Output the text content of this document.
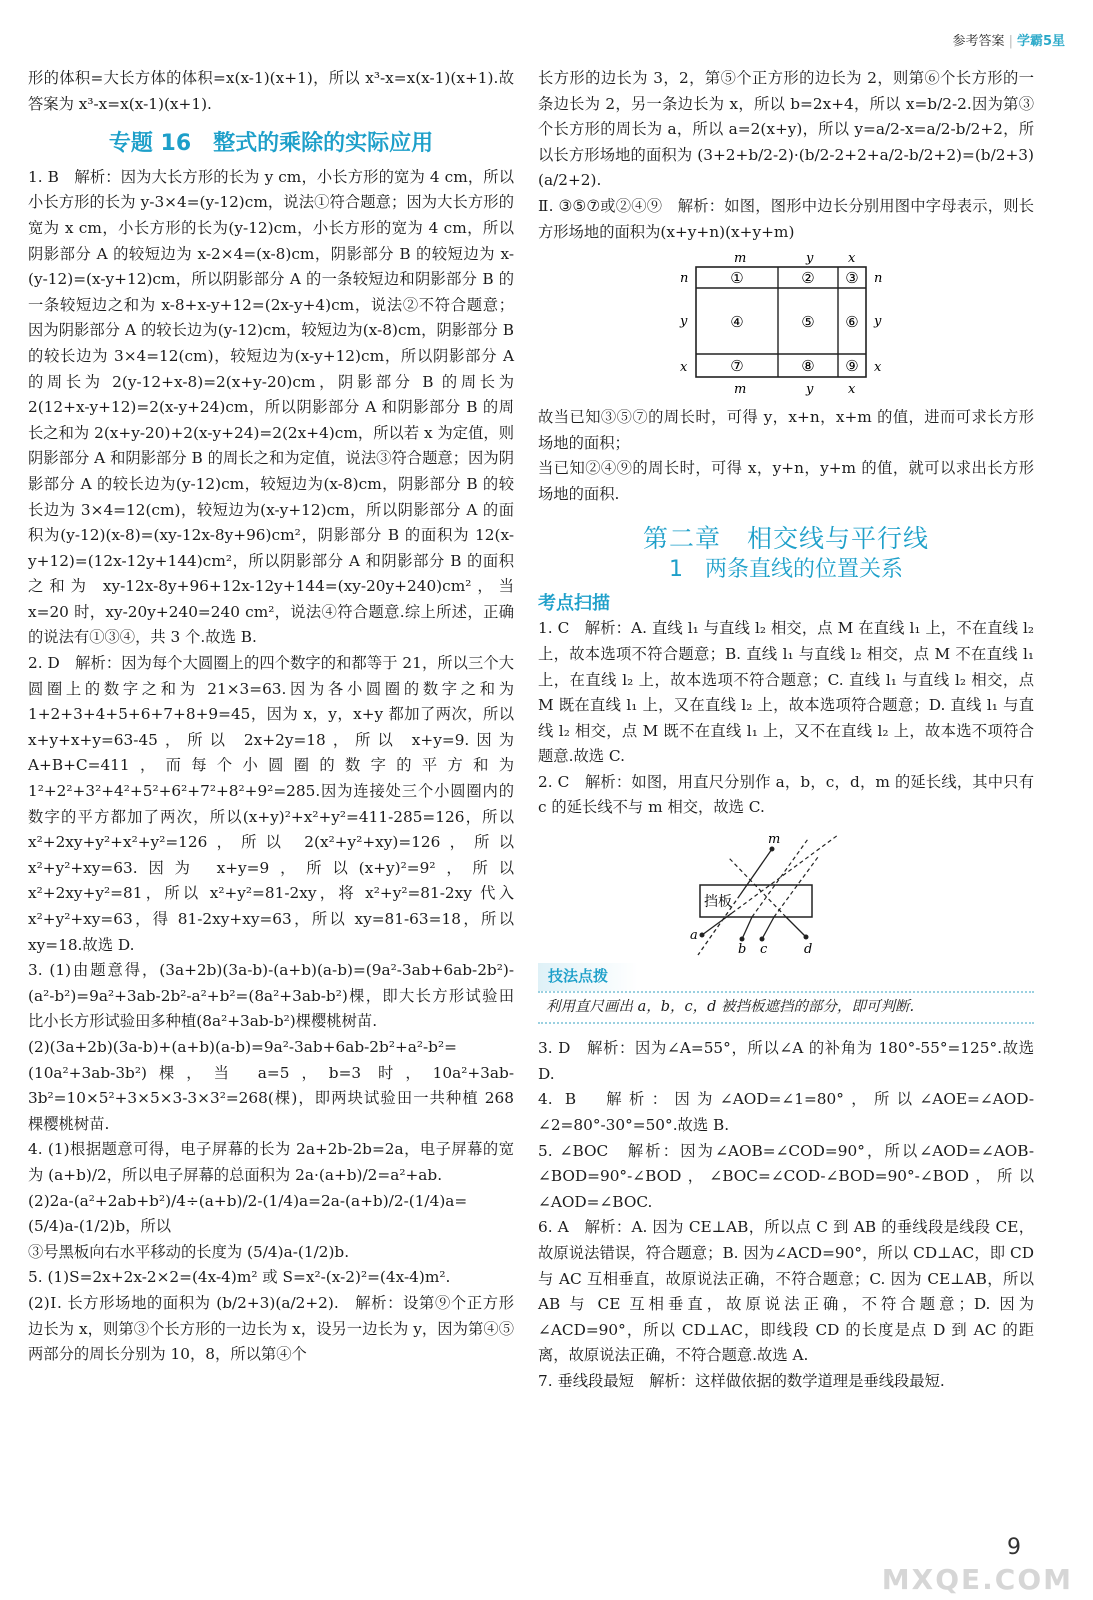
参考答案 | 学霸5星

形的体积=大长方体的体积=x(x-1)(x+1)，所以 x³-x=x(x-1)(x+1).故答案为 x³-x=x(x-1)(x+1).

专题 16　整式的乘除的实际应用

1. B　解析：因为大长方形的长为 y cm，小长方形的宽为 4 cm，所以小长方形的长为 y-3×4=(y-12)cm，说法①符合题意；因为大长方形的宽为 x cm，小长方形的长为(y-12)cm，小长方形的宽为 4 cm，所以阴影部分 A 的较短边为 x-2×4=(x-8)cm，阴影部分 B 的较短边为 x-(y-12)=(x-y+12)cm，所以阴影部分 A 的一条较短边和阴影部分 B 的一条较短边之和为 x-8+x-y+12=(2x-y+4)cm，说法②不符合题意；因为阴影部分 A 的较长边为(y-12)cm，较短边为(x-8)cm，阴影部分 B 的较长边为 3×4=12(cm)，较短边为(x-y+12)cm，所以阴影部分 A 的周长为 2(y-12+x-8)=2(x+y-20)cm，阴影部分 B 的周长为 2(12+x-y+12)=2(x-y+24)cm，所以阴影部分 A 和阴影部分 B 的周长之和为 2(x+y-20)+2(x-y+24)=2(2x+4)cm，所以若 x 为定值，则阴影部分 A 和阴影部分 B 的周长之和为定值，说法③符合题意；因为阴影部分 A 的较长边为(y-12)cm，较短边为(x-8)cm，阴影部分 B 的较长边为 3×4=12(cm)，较短边为(x-y+12)cm，所以阴影部分 A 的面积为(y-12)(x-8)=(xy-12x-8y+96)cm²，阴影部分 B 的面积为 12(x-y+12)=(12x-12y+144)cm²，所以阴影部分 A 和阴影部分 B 的面积之和为 xy-12x-8y+96+12x-12y+144=(xy-20y+240)cm²，当 x=20 时，xy-20y+240=240 cm²，说法④符合题意.综上所述，正确的说法有①③④，共 3 个.故选 B.

2. D　解析：因为每个大圆圈上的四个数字的和都等于 21，所以三个大圆圈上的数字之和为 21×3=63.因为各小圆圈的数字之和为 1+2+3+4+5+6+7+8+9=45，因为 x，y，x+y 都加了两次，所以 x+y+x+y=63-45，所以 2x+2y=18，所以 x+y=9.因为 A+B+C=411，而每个小圆圈的数字的平方和为 1²+2²+3²+4²+5²+6²+7²+8²+9²=285.因为连接处三个小圆圈内的数字的平方都加了两次，所以(x+y)²+x²+y²=411-285=126，所以 x²+2xy+y²+x²+y²=126，所以 2(x²+y²+xy)=126，所以 x²+y²+xy=63.因为 x+y=9，所以(x+y)²=9²，所以 x²+2xy+y²=81，所以 x²+y²=81-2xy，将 x²+y²=81-2xy 代入 x²+y²+xy=63，得 81-2xy+xy=63，所以 xy=81-63=18，所以 xy=18.故选 D.

3. (1)由题意得，(3a+2b)(3a-b)-(a+b)(a-b)=(9a²-3ab+6ab-2b²)-(a²-b²)=9a²+3ab-2b²-a²+b²=(8a²+3ab-b²)棵，即大长方形试验田比小长方形试验田多种植(8a²+3ab-b²)棵樱桃树苗.

(2)(3a+2b)(3a-b)+(a+b)(a-b)=9a²-3ab+6ab-2b²+a²-b²=(10a²+3ab-3b²)棵，当 a=5，b=3 时，10a²+3ab-3b²=10×5²+3×5×3-3×3²=268(棵)，即两块试验田一共种植 268 棵樱桃树苗.

4. (1)根据题意可得，电子屏幕的长为 2a+2b-2b=2a，电子屏幕的宽为 (a+b)/2，所以电子屏幕的总面积为 2a·(a+b)/2=a²+ab.

(2)2a-(a²+2ab+b²)/4÷(a+b)/2-(1/4)a=2a-(a+b)/2-(1/4)a=(5/4)a-(1/2)b，所以

③号黑板向右水平移动的长度为 (5/4)a-(1/2)b.

5. (1)S=2x+2x-2×2=(4x-4)m² 或 S=x²-(x-2)²=(4x-4)m².

(2)Ⅰ. 长方形场地的面积为 (b/2+3)(a/2+2).　解析：设第⑨个正方形边长为 x，则第③个长方形的一边长为 x，设另一边长为 y，因为第④⑤两部分的周长分别为 10，8，所以第④个

长方形的边长为 3，2，第⑤个正方形的边长为 2，则第⑥个长方形的一条边长为 2，另一条边长为 x，所以 b=2x+4，所以 x=b/2-2.因为第③个长方形的周长为 a，所以 a=2(x+y)，所以 y=a/2-x=a/2-b/2+2，所以长方形场地的面积为 (3+2+b/2-2)·(b/2-2+2+a/2-b/2+2)=(b/2+3)(a/2+2).

Ⅱ. ③⑤⑦或②④⑨　解析：如图，图形中边长分别用图中字母表示，则长方形场地的面积为(x+y+n)(x+y+m)

m	y	x
m	y	x
n
y
x
n
y
x
①	② ③
④	⑤ ⑥
⑦	⑧ ⑨

故当已知③⑤⑦的周长时，可得 y，x+n，x+m 的值，进而可求长方形场地的面积；

当已知②④⑨的周长时，可得 x，y+n，y+m 的值，就可以求出长方形场地的面积.

第二章　相交线与平行线
1　两条直线的位置关系
考点扫描

1. C　解析：A. 直线 l₁ 与直线 l₂ 相交，点 M 在直线 l₁ 上，不在直线 l₂ 上，故本选项不符合题意；B. 直线 l₁ 与直线 l₂ 相交，点 M 不在直线 l₁ 上，在直线 l₂ 上，故本选项不符合题意；C. 直线 l₁ 与直线 l₂ 相交，点 M 既在直线 l₁ 上，又在直线 l₂ 上，故本选项符合题意；D. 直线 l₁ 与直线 l₂ 相交，点 M 既不在直线 l₁ 上，又不在直线 l₂ 上，故本选不项符合题意.故选 C.

2. C　解析：如图，用直尺分别作 a，b，c，d，m 的延长线，其中只有 c 的延长线不与 m 相交，故选 C.

挡板
m
a
b c	d
技法点拨
利用直尺画出 a，b，c，d 被挡板遮挡的部分，即可判断.

3. D　解析：因为∠A=55°，所以∠A 的补角为 180°-55°=125°.故选 D.

4. B　解析：因为∠AOD=∠1=80°，所以∠AOE=∠AOD-∠2=80°-30°=50°.故选 B.

5. ∠BOC　解析：因为∠AOB=∠COD=90°，所以∠AOD=∠AOB-∠BOD=90°-∠BOD，∠BOC=∠COD-∠BOD=90°-∠BOD，所以∠AOD=∠BOC.

6. A　解析：A. 因为 CE⊥AB，所以点 C 到 AB 的垂线段是线段 CE，故原说法错误，符合题意；B. 因为∠ACD=90°，所以 CD⊥AC，即 CD 与 AC 互相垂直，故原说法正确，不符合题意；C. 因为 CE⊥AB，所以 AB 与 CE 互相垂直，故原说法正确，不符合题意；D. 因为∠ACD=90°，所以 CD⊥AC，即线段 CD 的长度是点 D 到 AC 的距离，故原说法正确，不符合题意.故选 A.

7. 垂线段最短　解析：这样做依据的数学道理是垂线段最短.

9
MXQE.COM
